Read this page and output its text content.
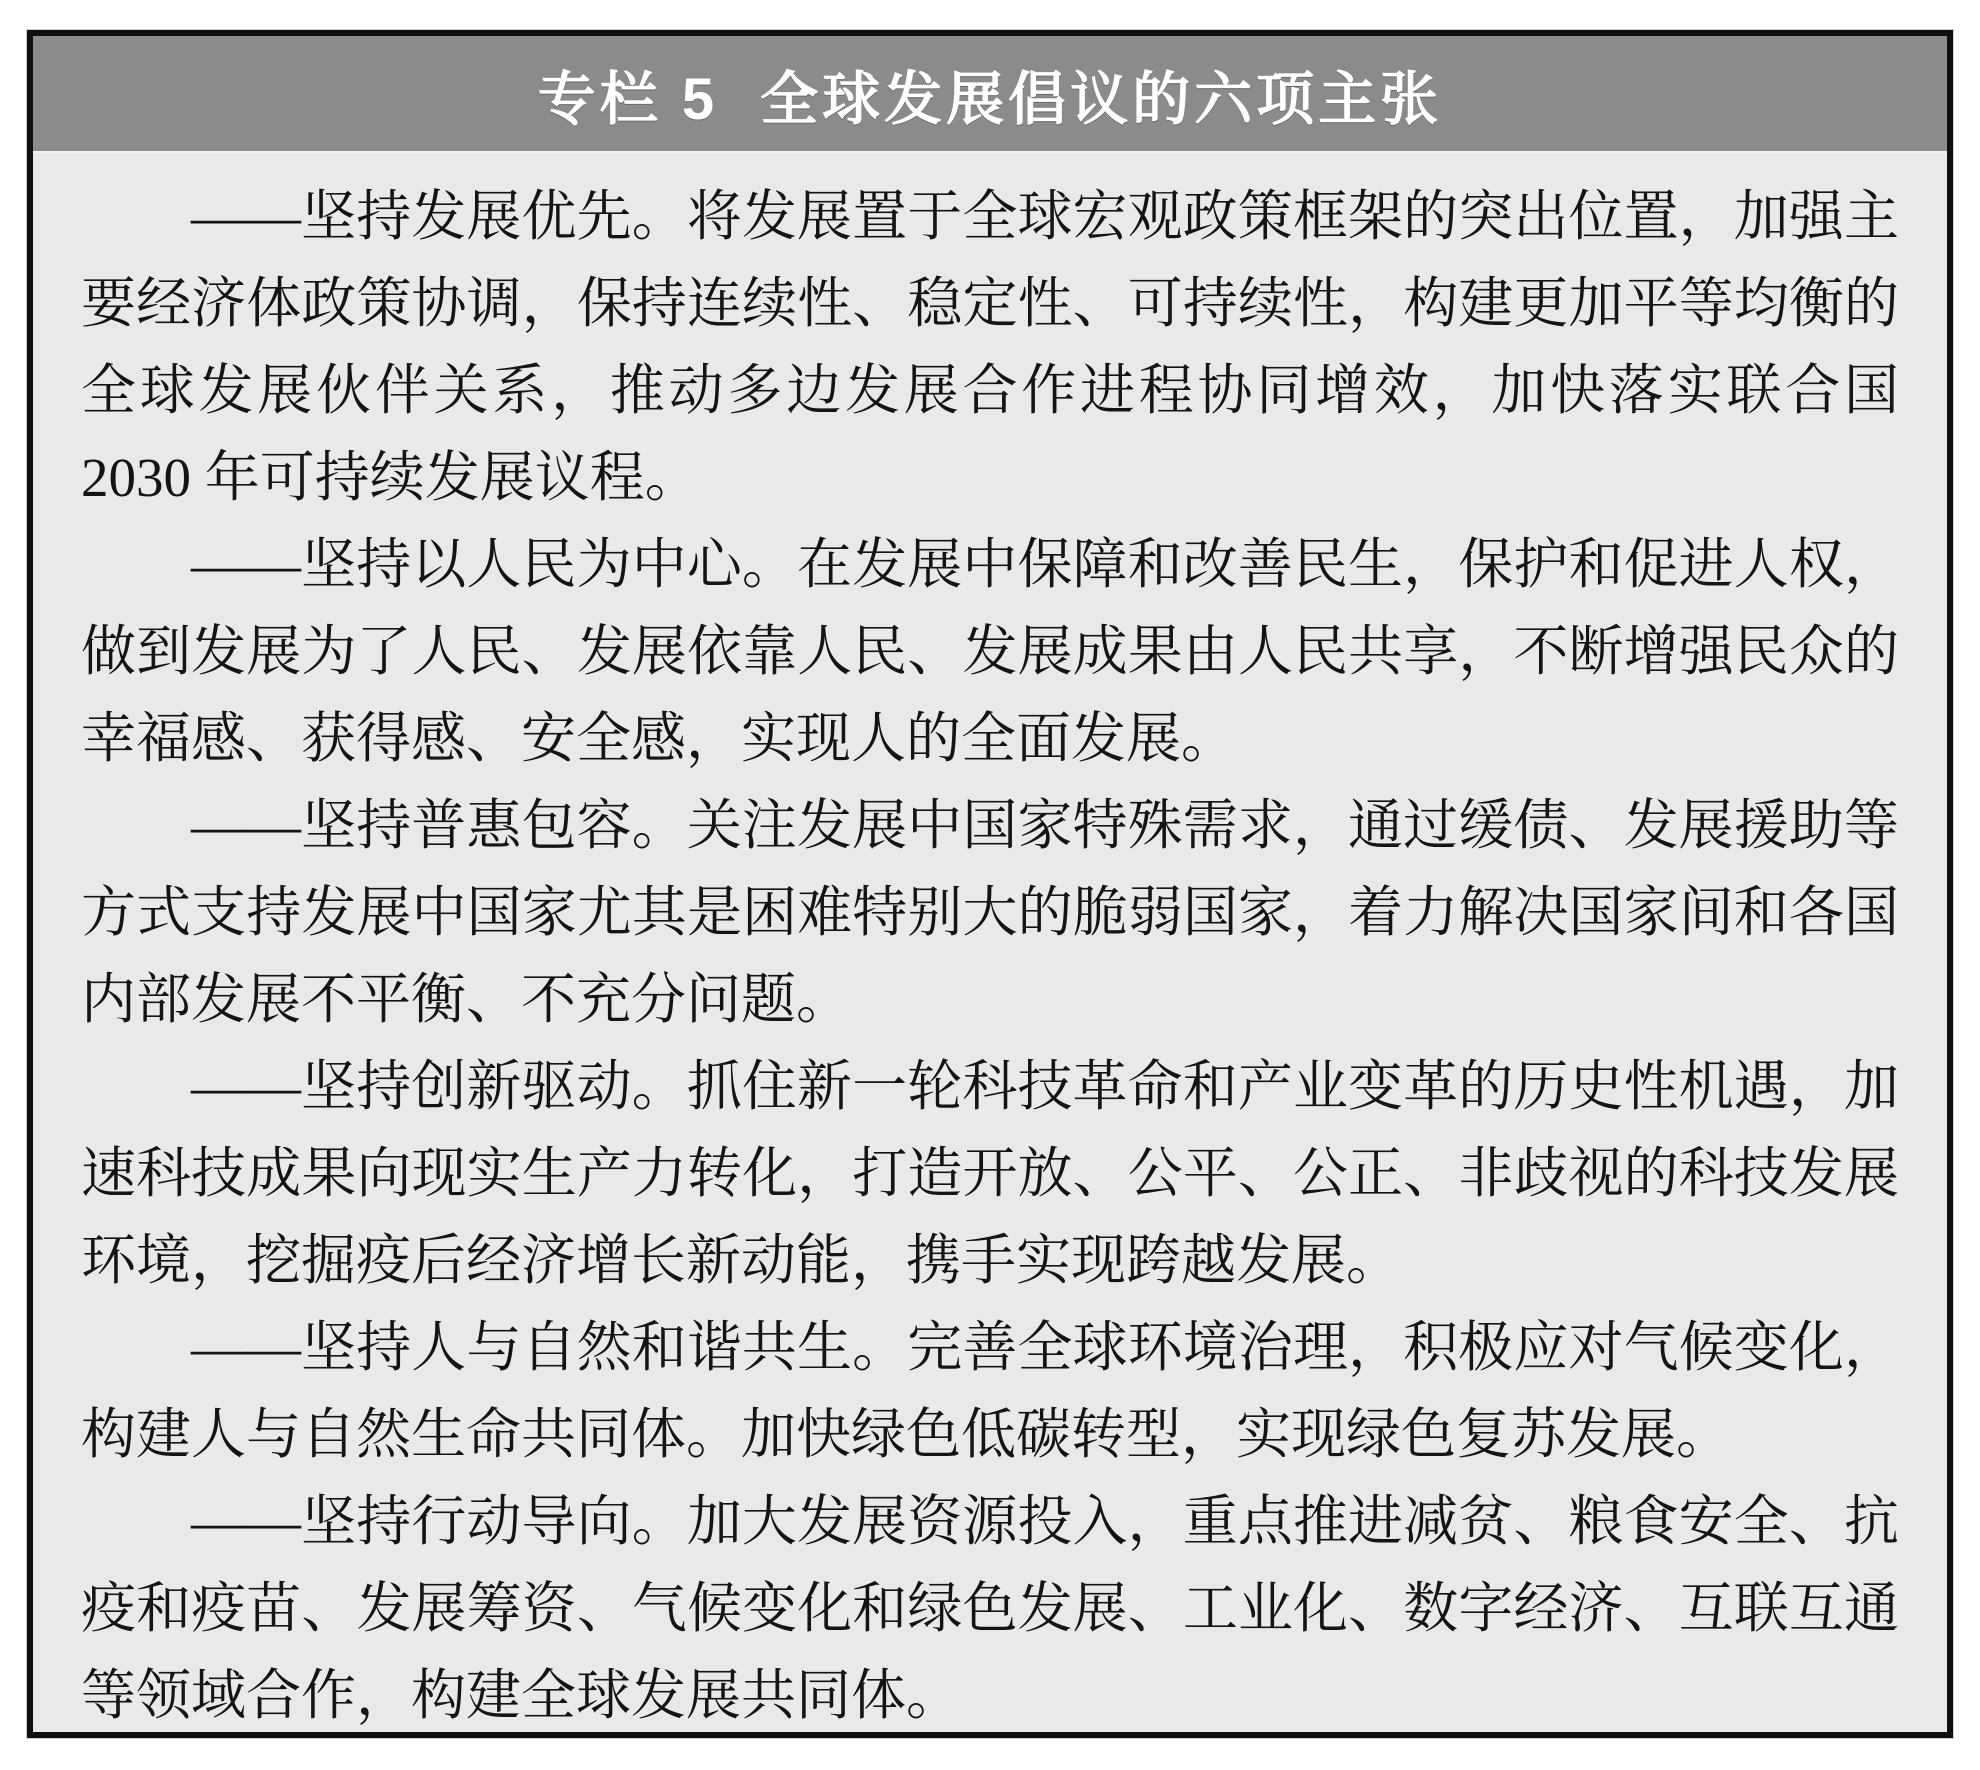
专栏 5 全球发展倡议的六项主张

——坚持发展优先。将发展置于全球宏观政策框架的突出位置，加强主要经济体政策协调，保持连续性、稳定性、可持续性，构建更加平等均衡的全球发展伙伴关系，推动多边发展合作进程协同增效，加快落实联合国 2030 年可持续发展议程。

——坚持以人民为中心。在发展中保障和改善民生，保护和促进人权，做到发展为了人民、发展依靠人民、发展成果由人民共享，不断增强民众的幸福感、获得感、安全感，实现人的全面发展。

——坚持普惠包容。关注发展中国家特殊需求，通过缓债、发展援助等方式支持发展中国家尤其是困难特别大的脆弱国家，着力解决国家间和各国内部发展不平衡、不充分问题。

——坚持创新驱动。抓住新一轮科技革命和产业变革的历史性机遇，加速科技成果向现实生产力转化，打造开放、公平、公正、非歧视的科技发展环境，挖掘疫后经济增长新动能，携手实现跨越发展。

——坚持人与自然和谐共生。完善全球环境治理，积极应对气候变化，构建人与自然生命共同体。加快绿色低碳转型，实现绿色复苏发展。

——坚持行动导向。加大发展资源投入，重点推进减贫、粮食安全、抗疫和疫苗、发展筹资、气候变化和绿色发展、工业化、数字经济、互联互通等领域合作，构建全球发展共同体。
